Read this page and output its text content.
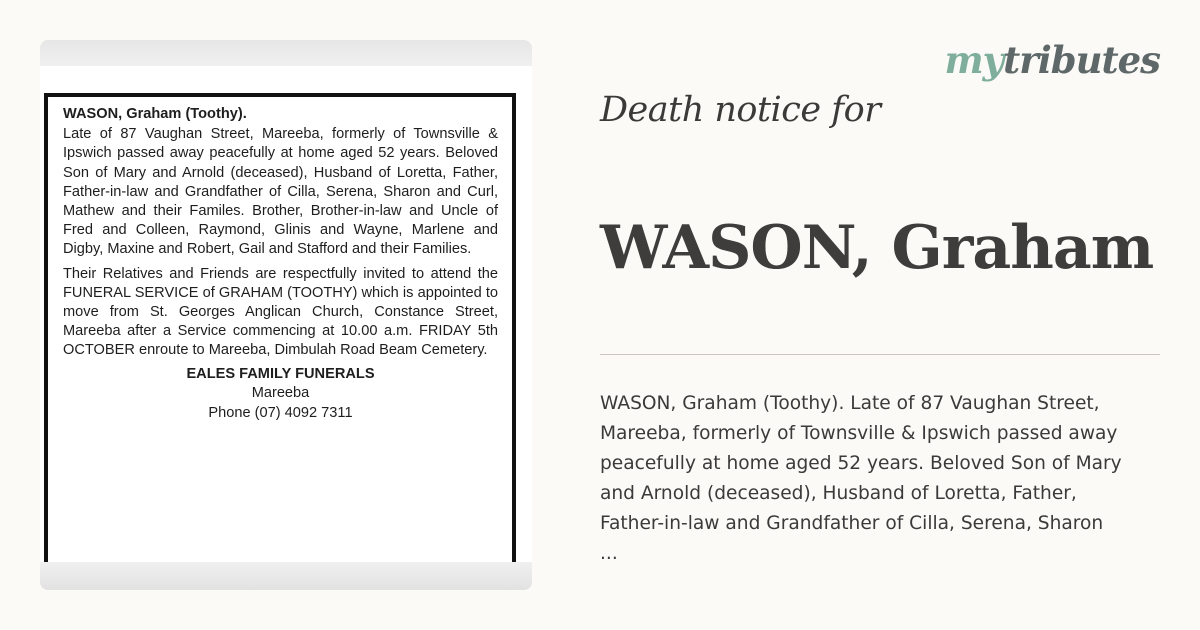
WASON, Graham (Toothy).
Late of 87 Vaughan Street, Mareeba, formerly of Townsville & Ipswich passed away peacefully at home aged 52 years. Beloved Son of Mary and Arnold (deceased), Husband of Loretta, Father, Father-in-law and Grandfather of Cilla, Serena, Sharon and Curl, Mathew and their Familes. Brother, Brother-in-law and Uncle of Fred and Colleen, Raymond, Glinis and Wayne, Marlene and Digby, Maxine and Robert, Gail and Stafford and their Families.
Their Relatives and Friends are respectfully invited to attend the FUNERAL SERVICE of GRAHAM (TOOTHY) which is appointed to move from St. Georges Anglican Church, Constance Street, Mareeba after a Service commencing at 10.00 a.m. FRIDAY 5th OCTOBER enroute to Mareeba, Dimbulah Road Beam Cemetery.
EALES FAMILY FUNERALS
Mareeba
Phone (07) 4092 7311
mytributes
Death notice for
WASON, Graham
WASON, Graham (Toothy). Late of 87 Vaughan Street,
Mareeba, formerly of Townsville & Ipswich passed away
peacefully at home aged 52 years. Beloved Son of Mary
and Arnold (deceased), Husband of Loretta, Father,
Father-in-law and Grandfather of Cilla, Serena, Sharon
...
